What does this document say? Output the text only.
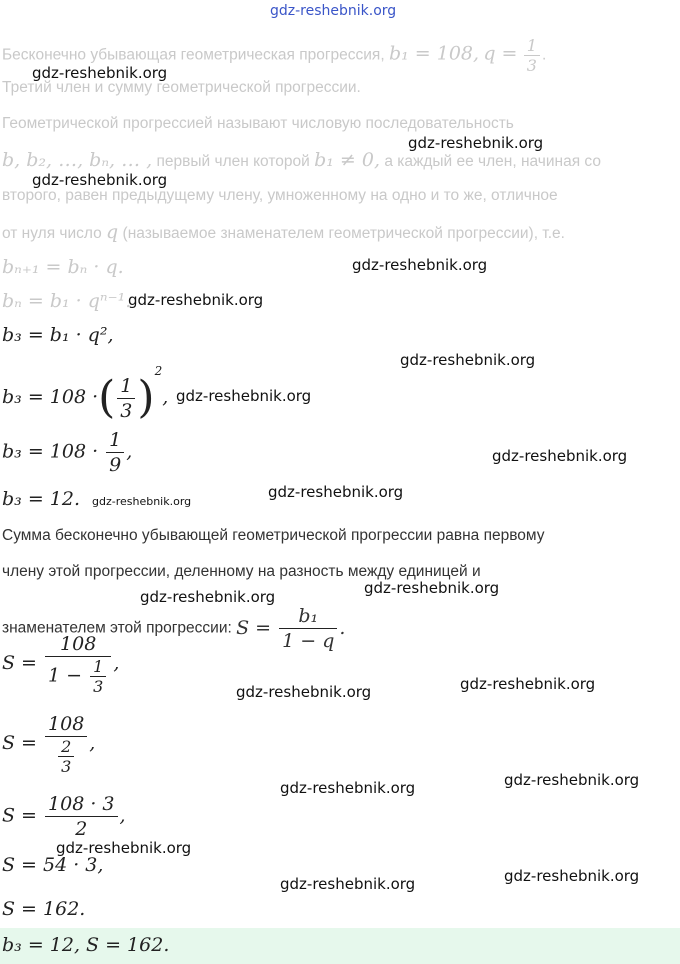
gdz-reshebnik.org
Бесконечно убывающая геометрическая прогрессия, b₁ = 108, $q = \frac{1}{3}$ .
Третий член и сумму геометрической прогрессии.
Геометрической прогрессией называют числовую последовательность
b, b₂, …, bₙ, … , первый член которой b₁ ≠ 0, а каждый ее член, начиная со
второго, равен предыдущему члену, умноженному на одно и то же, отличное
от нуля число q (называемое знаменателем геометрической прогрессии), т.е.
bₙ₊₁ = bₙ · q.
bₙ = b₁ · qⁿ⁻¹.
b₃ = b₁ · q²,
b₃ = 108 ·( $\frac{1}{3} )^2$,
$b_3 = 108 \cdot \frac{1}{9}$ ,
b₃ = 12.
Сумма бесконечно убывающей геометрической прогрессии равна первому
члену этой прогрессии, деленному на разность между единицей и
знаменателем этой прогрессии: $S = \frac{\text{b₁}}{1 - q}$ .
$S = \frac{108}{1 - \frac{1}{3}}$ ,
$S = \frac{108}{\frac{2}{3}}$ ,
$S = \frac{108 \cdot 3}{2}$ ,
S = 54 · 3,
S = 162.
b₃ = 12, S = 162.
gdz-reshebnik.org
gdz-reshebnik.org
gdz-reshebnik.org
gdz-reshebnik.org
gdz-reshebnik.org
gdz-reshebnik.org
gdz-reshebnik.org
gdz-reshebnik.org
gdz-reshebnik.org
gdz-reshebnik.org
gdz-reshebnik.org
gdz-reshebnik.org
gdz-reshebnik.org
gdz-reshebnik.org
gdz-reshebnik.org
gdz-reshebnik.org
gdz-reshebnik.org
gdz-reshebnik.org
gdz-reshebnik.org
